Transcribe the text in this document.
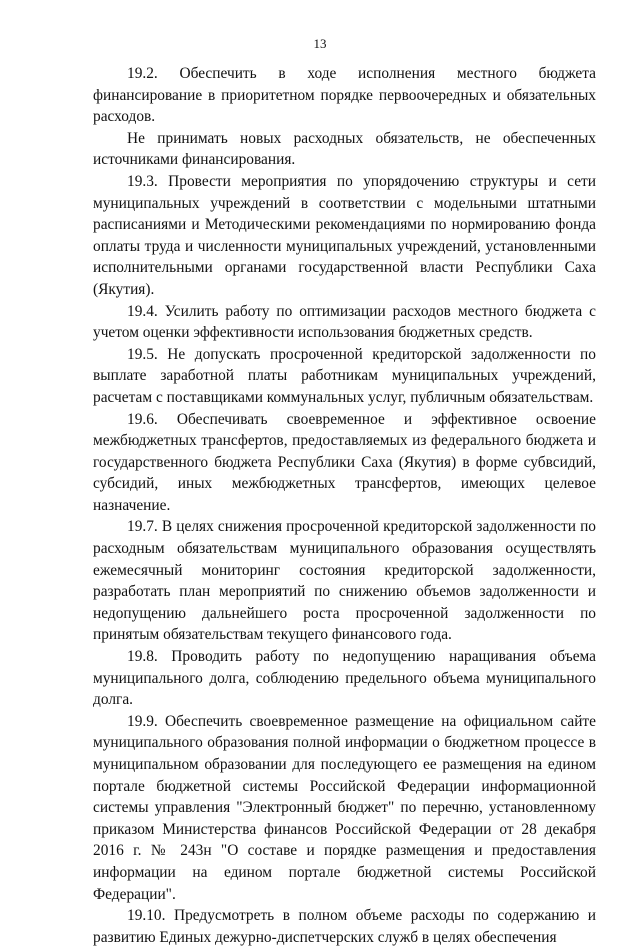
13

19.2. Обеспечить в ходе исполнения местного бюджета финансирование в приоритетном порядке первоочередных и обязательных расходов.

Не принимать новых расходных обязательств, не обеспеченных источниками финансирования.

19.3. Провести мероприятия по упорядочению структуры и сети муниципальных учреждений в соответствии с модельными штатными расписаниями и Методическими рекомендациями по нормированию фонда оплаты труда и численности муниципальных учреждений, установленными исполнительными органами государственной власти Республики Саха (Якутия).

19.4. Усилить работу по оптимизации расходов местного бюджета с учетом оценки эффективности использования бюджетных средств.

19.5. Не допускать просроченной кредиторской задолженности по выплате заработной платы работникам муниципальных учреждений, расчетам с поставщиками коммунальных услуг, публичным обязательствам.

19.6. Обеспечивать своевременное и эффективное освоение межбюджетных трансфертов, предоставляемых из федерального бюджета и государственного бюджета Республики Саха (Якутия) в форме субвсидий, субсидий, иных межбюджетных трансфертов, имеющих целевое назначение.

19.7. В целях снижения просроченной кредиторской задолженности по расходным обязательствам муниципального образования осуществлять ежемесячный мониторинг состояния кредиторской задолженности, разработать план мероприятий по снижению объемов задолженности и недопущению дальнейшего роста просроченной задолженности по принятым обязательствам текущего финансового года.

19.8. Проводить работу по недопущению наращивания объема муниципального долга, соблюдению предельного объема муниципального долга.

19.9. Обеспечить своевременное размещение на официальном сайте муниципального образования полной информации о бюджетном процессе в муниципальном образовании для последующего ее размещения на едином портале бюджетной системы Российской Федерации информационной системы управления "Электронный бюджет" по перечню, установленному приказом Министерства финансов Российской Федерации от 28 декабря 2016 г. № 243н "О составе и порядке размещения и предоставления информации на едином портале бюджетной системы Российской Федерации".

19.10. Предусмотреть в полном объеме расходы по содержанию и развитию Единых дежурно-диспетчерских служб в целях обеспечения
